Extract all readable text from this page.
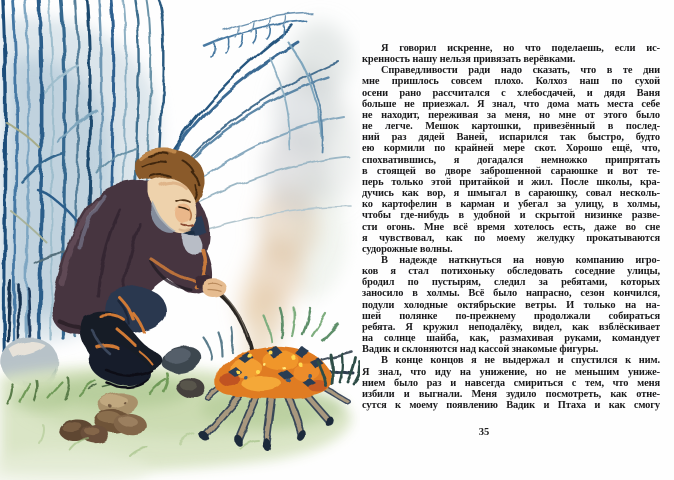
Я говорил искренне, но что поделаешь, если ис-
кренность нашу нельзя привязать верёвками.
Справедливости ради надо сказать, что в те дни
мне пришлось совсем плохо. Колхоз наш по сухой
осени рано рассчитался с хлебосдачей, и дядя Ваня
больше не приезжал. Я знал, что дома мать места себе
не находит, переживая за меня, но мне от этого было
не легче. Мешок картошки, привезённый в послед-
ний раз дядей Ваней, испарился так быстро, будто
ею кормили по крайней мере скот. Хорошо ещё, что,
спохватившись, я догадался немножко припрятать
в стоящей во дворе заброшенной сараюшке и вот те-
перь только этой притайкой и жил. После школы, кра-
дучись как вор, я шмыгал в сараюшку, совал несколь-
ко картофелин в карман и убегал за улицу, в холмы,
чтобы где-нибудь в удобной и скрытой низинке разве-
сти огонь. Мне всё время хотелось есть, даже во сне
я чувствовал, как по моему желудку прокатываются
судорожные волны.
В надежде наткнуться на новую компанию игро-
ков я стал потихоньку обследовать соседние улицы,
бродил по пустырям, следил за ребятами, которых
заносило в холмы. Всё было напрасно, сезон кончился,
подули холодные октябрьские ветры. И только на на-
шей полянке по-прежнему продолжали собираться
ребята. Я кружил неподалёку, видел, как взблёскивает
на солнце шайба, как, размахивая руками, командует
Вадик и склоняются над кассой знакомые фигуры.
В конце концов я не выдержал и спустился к ним.
Я знал, что иду на унижение, но не меньшим униже-
нием было раз и навсегда смириться с тем, что меня
избили и выгнали. Меня зудило посмотреть, как отне-
сутся к моему появлению Вадик и Птаха и как смогу
35
